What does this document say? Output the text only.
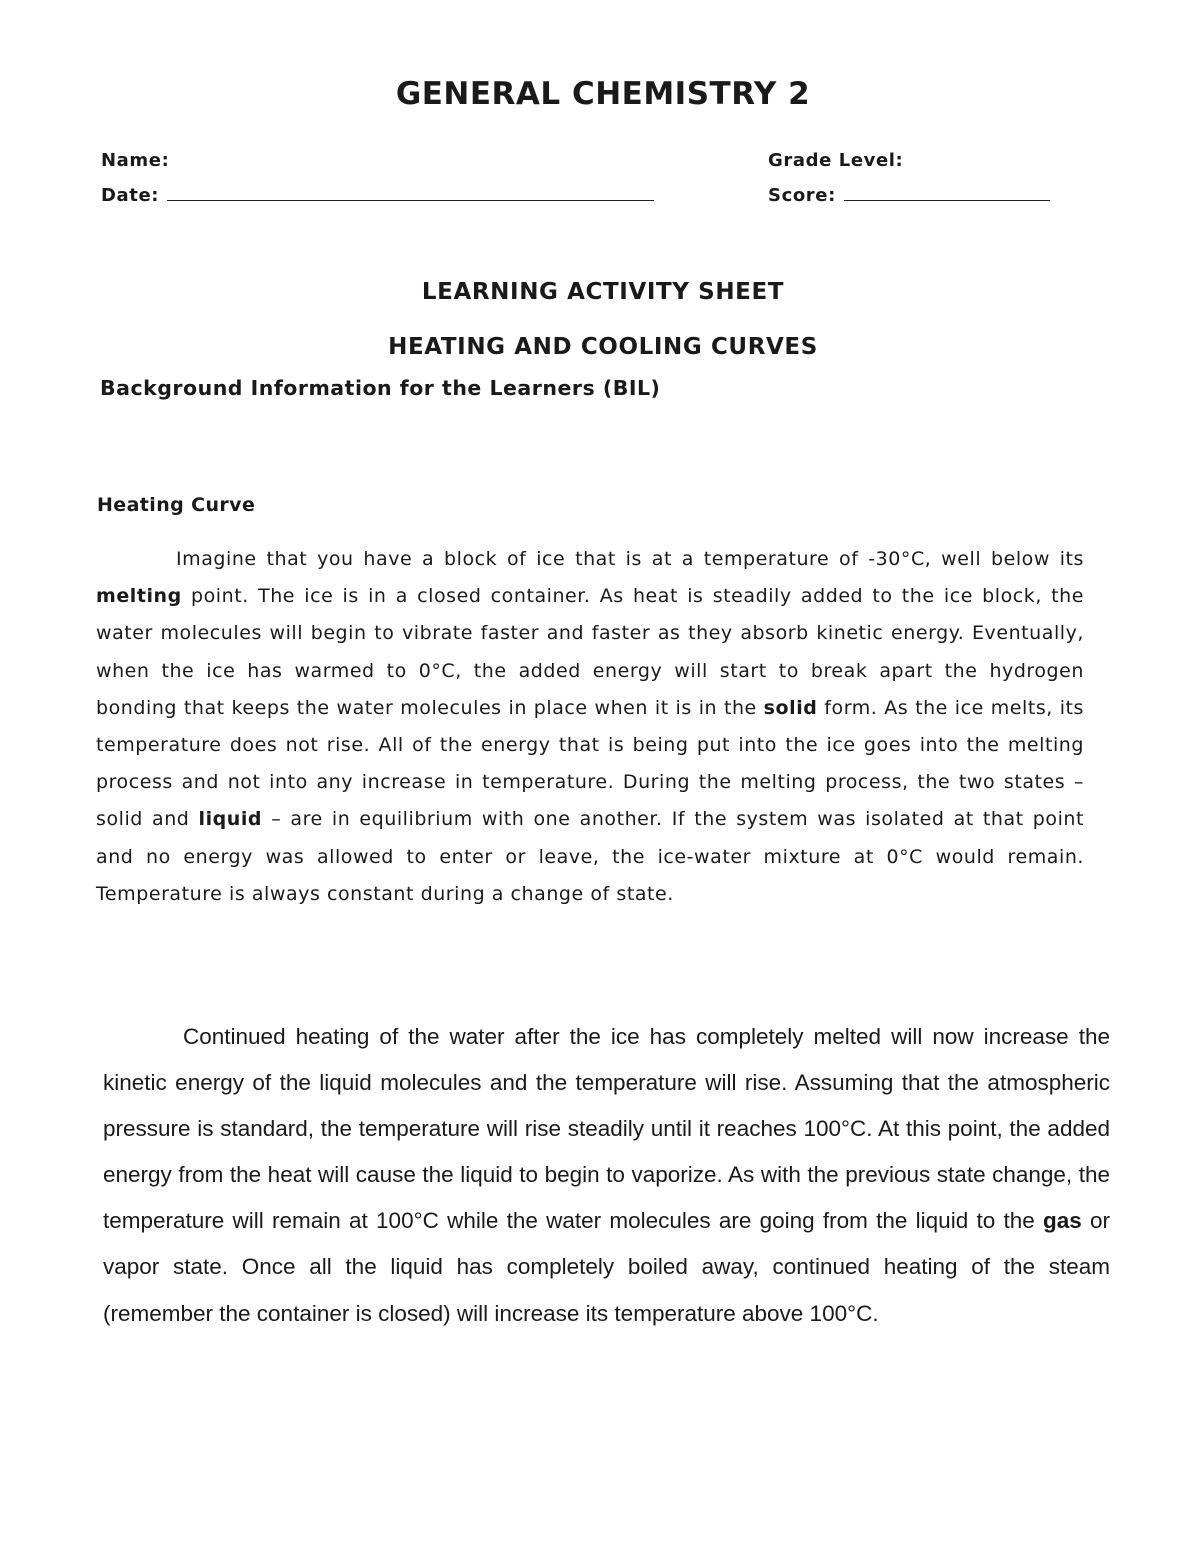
GENERAL CHEMISTRY 2
Name:	Grade Level:
Date:	Score:
LEARNING ACTIVITY SHEET
HEATING AND COOLING CURVES
Background Information for the Learners (BIL)
Heating Curve

Imagine that you have a block of ice that is at a temperature of -30°C, well below its melting point. The ice is in a closed container. As heat is steadily added to the ice block, the water molecules will begin to vibrate faster and faster as they absorb kinetic energy. Eventually, when the ice has warmed to 0°C, the added energy will start to break apart the hydrogen bonding that keeps the water molecules in place when it is in the solid form. As the ice melts, its temperature does not rise. All of the energy that is being put into the ice goes into the melting process and not into any increase in temperature. During the melting process, the two states – solid and liquid – are in equilibrium with one another. If the system was isolated at that point and no energy was allowed to enter or leave, the ice-water mixture at 0°C would remain. Temperature is always constant during a change of state.

Continued heating of the water after the ice has completely melted will now increase the kinetic energy of the liquid molecules and the temperature will rise. Assuming that the atmospheric pressure is standard, the temperature will rise steadily until it reaches 100°C. At this point, the added energy from the heat will cause the liquid to begin to vaporize. As with the previous state change, the temperature will remain at 100°C while the water molecules are going from the liquid to the gas or vapor state. Once all the liquid has completely boiled away, continued heating of the steam (remember the container is closed) will increase its temperature above 100°C.
